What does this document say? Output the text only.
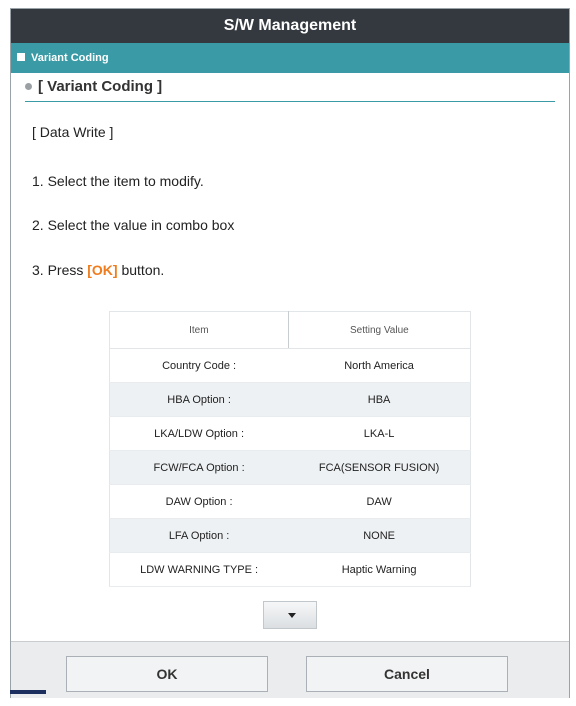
S/W Management
Variant Coding
[ Variant Coding ]
[ Data Write ]
1. Select the item to modify.
2. Select the value in combo box
3. Press [OK] button.
Item	Setting Value
Country Code :	North America
HBA Option :	HBA
LKA/LDW Option :	LKA-L
FCW/FCA Option :	FCA(SENSOR FUSION)
DAW Option :	DAW
LFA Option :	NONE
LDW WARNING TYPE :	Haptic Warning
OK	Cancel
